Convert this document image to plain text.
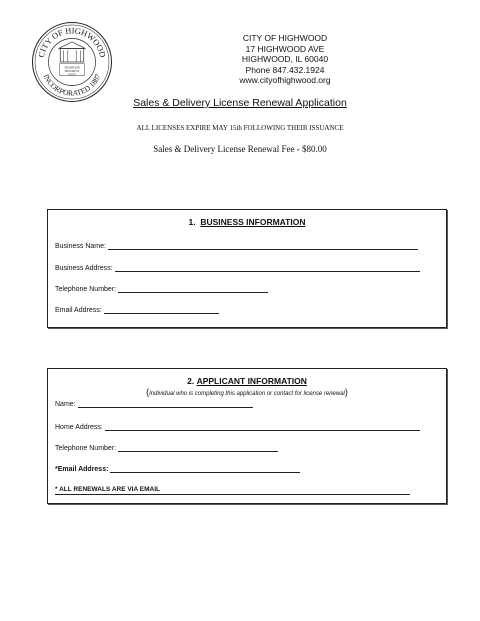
CITY OF HIGHWOOD
INCORPORATED 1887
TRADITION
PROGRESS
UNITY
CITY OF HIGHWOOD
17 HIGHWOOD AVE
HIGHWOOD, IL 60040
Phone 847.432.1924
www.cityofhighwood.org
Sales & Delivery License Renewal Application
ALL LICENSES EXPIRE MAY 15th FOLLOWING THEIR ISSUANCE
Sales & Delivery License Renewal Fee - $80.00
1. BUSINESS INFORMATION
Business Name:
Business Address:
Telephone Number:
Email Address:
2. APPLICANT INFORMATION
(Individual who is completing this application or contact for license renewal)
Name:
Home Address:
Telephone Number:
*Email Address:
* ALL RENEWALS ARE VIA EMAIL
